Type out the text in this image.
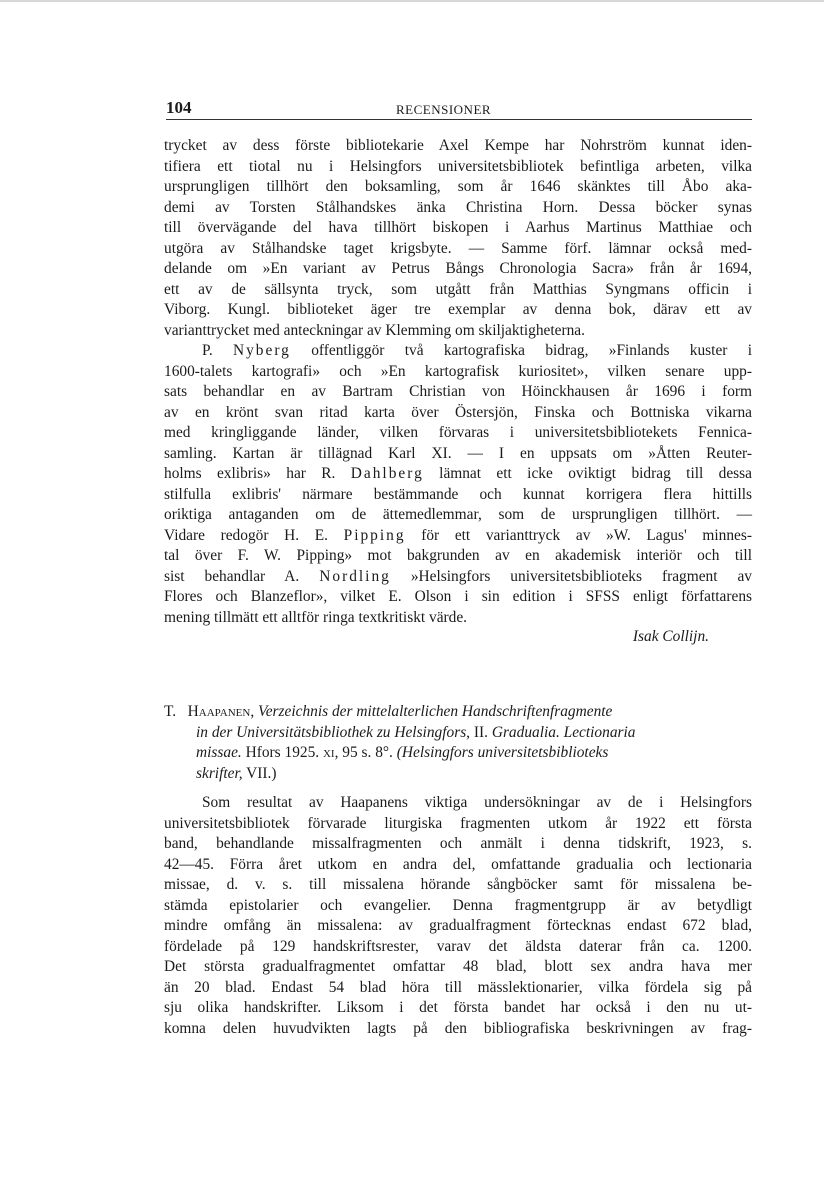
104	RECENSIONER
trycket av dess förste bibliotekarie Axel Kempe har Nohrström kunnat iden-
tifiera ett tiotal nu i Helsingfors universitetsbibliotek befintliga arbeten, vilka
ursprungligen tillhört den boksamling, som år 1646 skänktes till Åbo aka-
demi av Torsten Stålhandskes änka Christina Horn. Dessa böcker synas
till övervägande del hava tillhört biskopen i Aarhus Martinus Matthiae och
utgöra av Stålhandske taget krigsbyte. — Samme förf. lämnar också med-
delande om »En variant av Petrus Bångs Chronologia Sacra» från år 1694,
ett av de sällsynta tryck, som utgått från Matthias Syngmans officin i
Viborg. Kungl. biblioteket äger tre exemplar av denna bok, därav ett av
varianttrycket med anteckningar av Klemming om skiljaktigheterna.
P. Nyberg offentliggör två kartografiska bidrag, »Finlands kuster i
1600-talets kartografi» och »En kartografisk kuriositet», vilken senare upp-
sats behandlar en av Bartram Christian von Höinckhausen år 1696 i form
av en krönt svan ritad karta över Östersjön, Finska och Bottniska vikarna
med kringliggande länder, vilken förvaras i universitetsbibliotekets Fennica-
samling. Kartan är tillägnad Karl XI. — I en uppsats om »Åtten Reuter-
holms exlibris» har R. Dahlberg lämnat ett icke oviktigt bidrag till dessa
stilfulla exlibris' närmare bestämmande och kunnat korrigera flera hittills
oriktiga antaganden om de ättemedlemmar, som de ursprungligen tillhört. —
Vidare redogör H. E. Pipping för ett varianttryck av »W. Lagus' minnes-
tal över F. W. Pipping» mot bakgrunden av en akademisk interiör och till
sist behandlar A. Nordling »Helsingfors universitetsbiblioteks fragment av
Flores och Blanzeflor», vilket E. Olson i sin edition i SFSS enligt författarens
mening tillmätt ett alltför ringa textkritiskt värde.
Isak Collijn.
T. Haapanen, Verzeichnis der mittelalterlichen Handschriftenfragmente
in der Universitätsbibliothek zu Helsingfors, II. Gradualia. Lectionaria
missae. Hfors 1925. xi, 95 s. 8°. (Helsingfors universitetsbiblioteks
skrifter, VII.)
Som resultat av Haapanens viktiga undersökningar av de i Helsingfors
universitetsbibliotek förvarade liturgiska fragmenten utkom år 1922 ett första
band, behandlande missalfragmenten och anmält i denna tidskrift, 1923, s.
42—45. Förra året utkom en andra del, omfattande gradualia och lectionaria
missae, d. v. s. till missalena hörande sångböcker samt för missalena be-
stämda epistolarier och evangelier. Denna fragmentgrupp är av betydligt
mindre omfång än missalena: av gradualfragment förtecknas endast 672 blad,
fördelade på 129 handskriftsrester, varav det äldsta daterar från ca. 1200.
Det största gradualfragmentet omfattar 48 blad, blott sex andra hava mer
än 20 blad. Endast 54 blad höra till mässlektionarier, vilka fördela sig på
sju olika handskrifter. Liksom i det första bandet har också i den nu ut-
komna delen huvudvikten lagts på den bibliografiska beskrivningen av frag-
